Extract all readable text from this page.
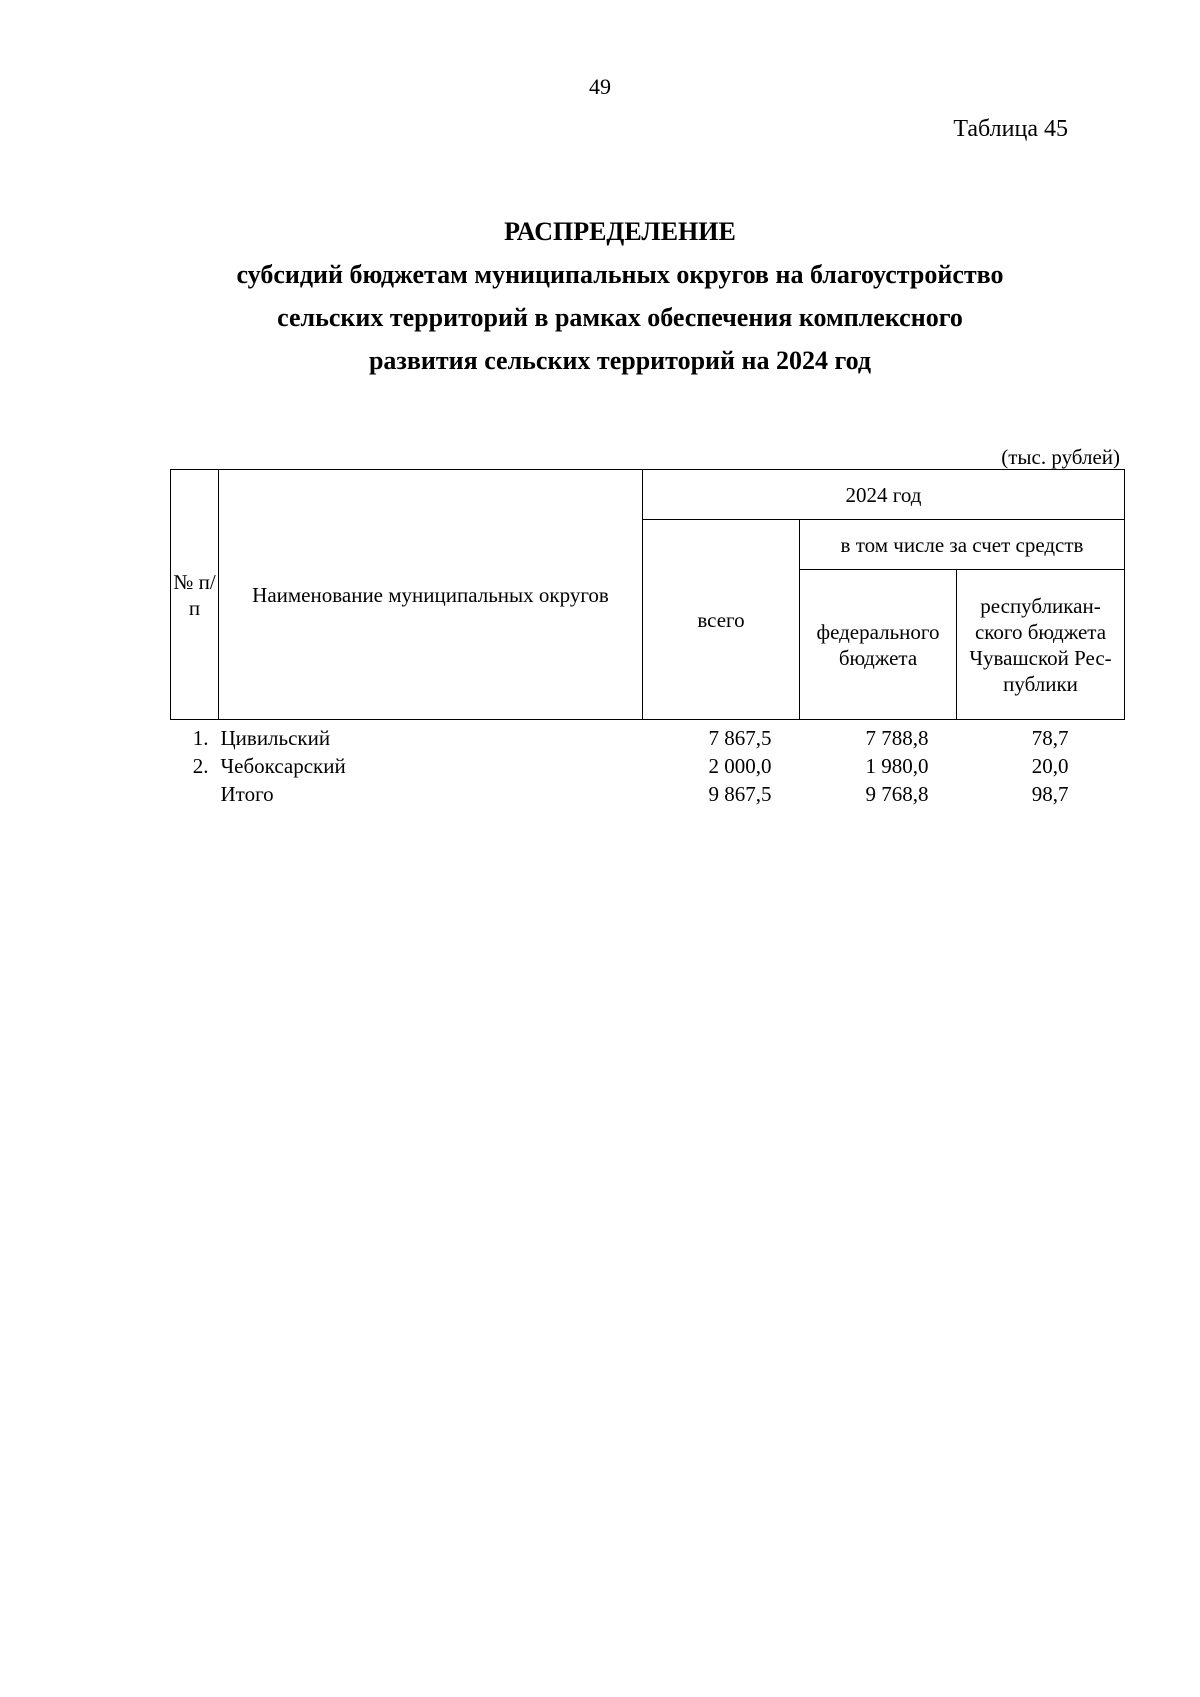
49
Таблица 45
РАСПРЕДЕЛЕНИЕ
субсидий бюджетам муниципальных округов на благоустройство
сельских территорий в рамках обеспечения комплексного
развития сельских территорий на 2024 год
(тыс. рублей)
№ п/п	Наименование муниципальных округов	2024 год		
		всего	в том числе за счет средств	
			федерального бюджета	республикан-ского бюджета Чувашской Рес-публики
1.	Цивильский	7 867,5	7 788,8	78,7
2.	Чебоксарский	2 000,0	1 980,0	20,0
	Итого	9 867,5	9 768,8	98,7
